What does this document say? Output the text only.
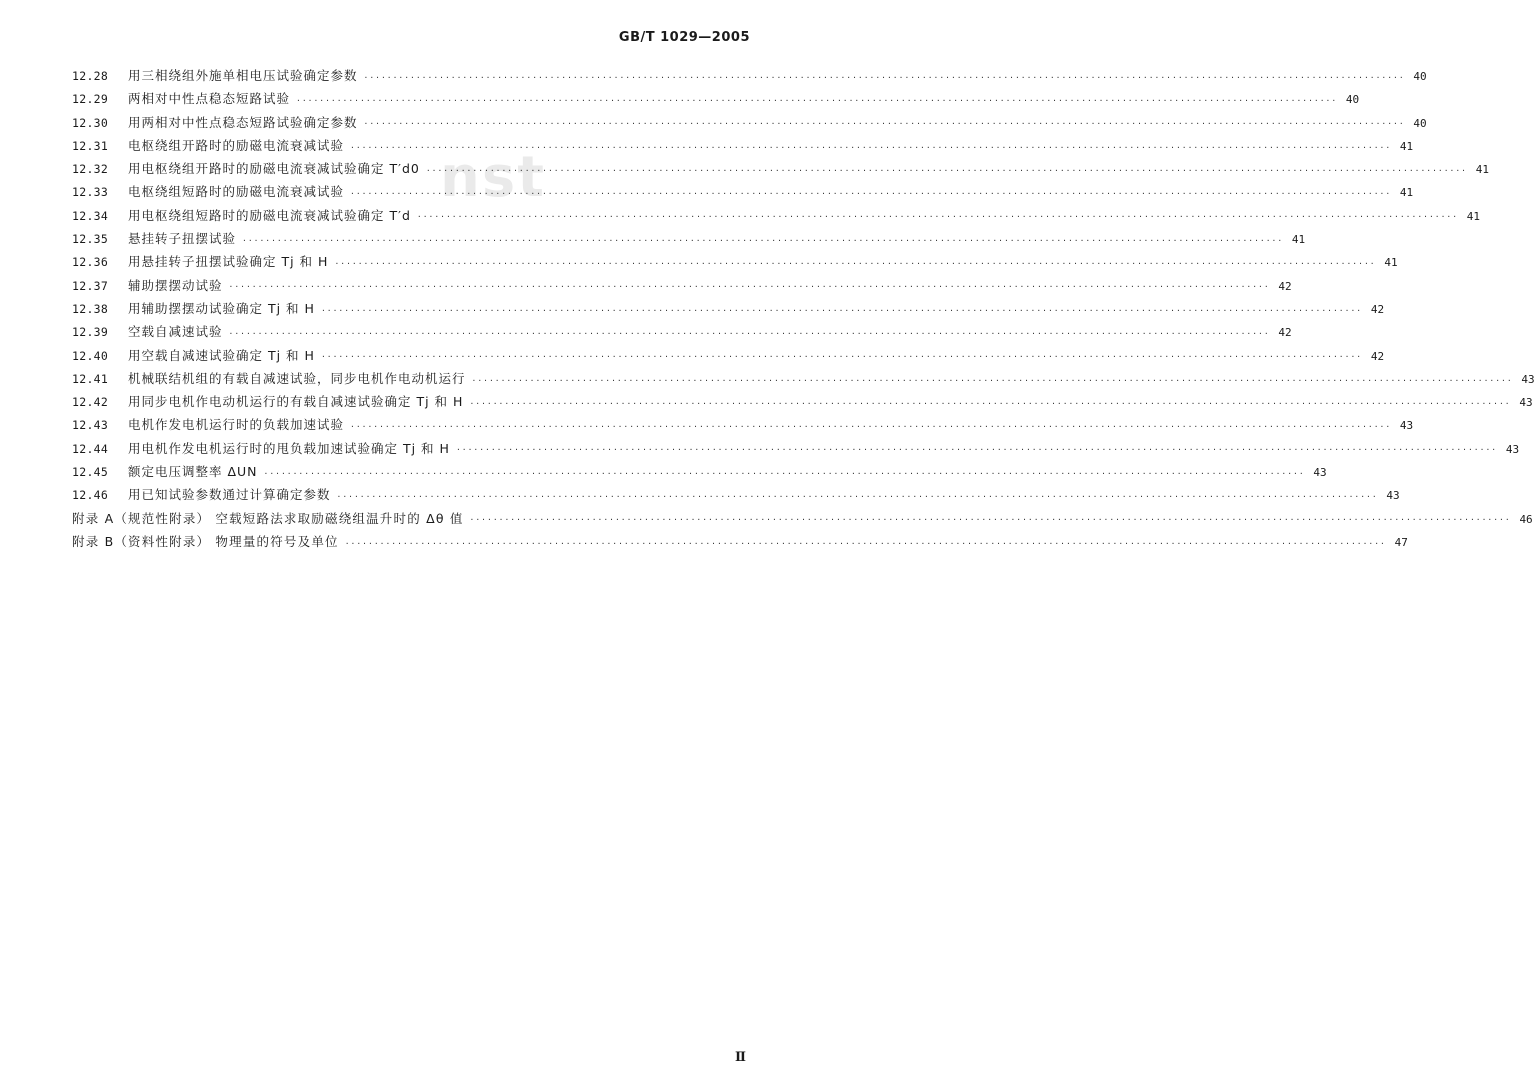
GB/T 1029—2005
nst
12.28	用三相绕组外施单相电压试验确定参数 ·····	40
12.29	两相对中性点稳态短路试验 ·····	40
12.30	用两相对中性点稳态短路试验确定参数 ·····	40
12.31	电枢绕组开路时的励磁电流衰减试验 ·····	41
12.32	用电枢绕组开路时的励磁电流衰减试验确定 T′d0 ·····	41
12.33	电枢绕组短路时的励磁电流衰减试验 ·····	41
12.34	用电枢绕组短路时的励磁电流衰减试验确定 T′d ·····	41
12.35	悬挂转子扭摆试验 ·····	41
12.36	用悬挂转子扭摆试验确定 Tj 和 H ·····	41
12.37	辅助摆摆动试验 ·····	42
12.38	用辅助摆摆动试验确定 Tj 和 H ·····	42
12.39	空载自减速试验 ·····	42
12.40	用空载自减速试验确定 Tj 和 H ·····	42
12.41	机械联结机组的有载自减速试验，同步电机作电动机运行 ·····	43
12.42	用同步电机作电动机运行的有载自减速试验确定 Tj 和 H ·····	43
12.43	电机作发电机运行时的负载加速试验 ·····	43
12.44	用电机作发电机运行时的甩负载加速试验确定 Tj 和 H ·····	43
12.45	额定电压调整率 ΔUN ·····	43
12.46	用已知试验参数通过计算确定参数 ·····	43
附录 A（规范性附录） 空载短路法求取励磁绕组温升时的 Δθ 值 ·····	46
附录 B（资料性附录） 物理量的符号及单位 ·····	47
Ⅱ
